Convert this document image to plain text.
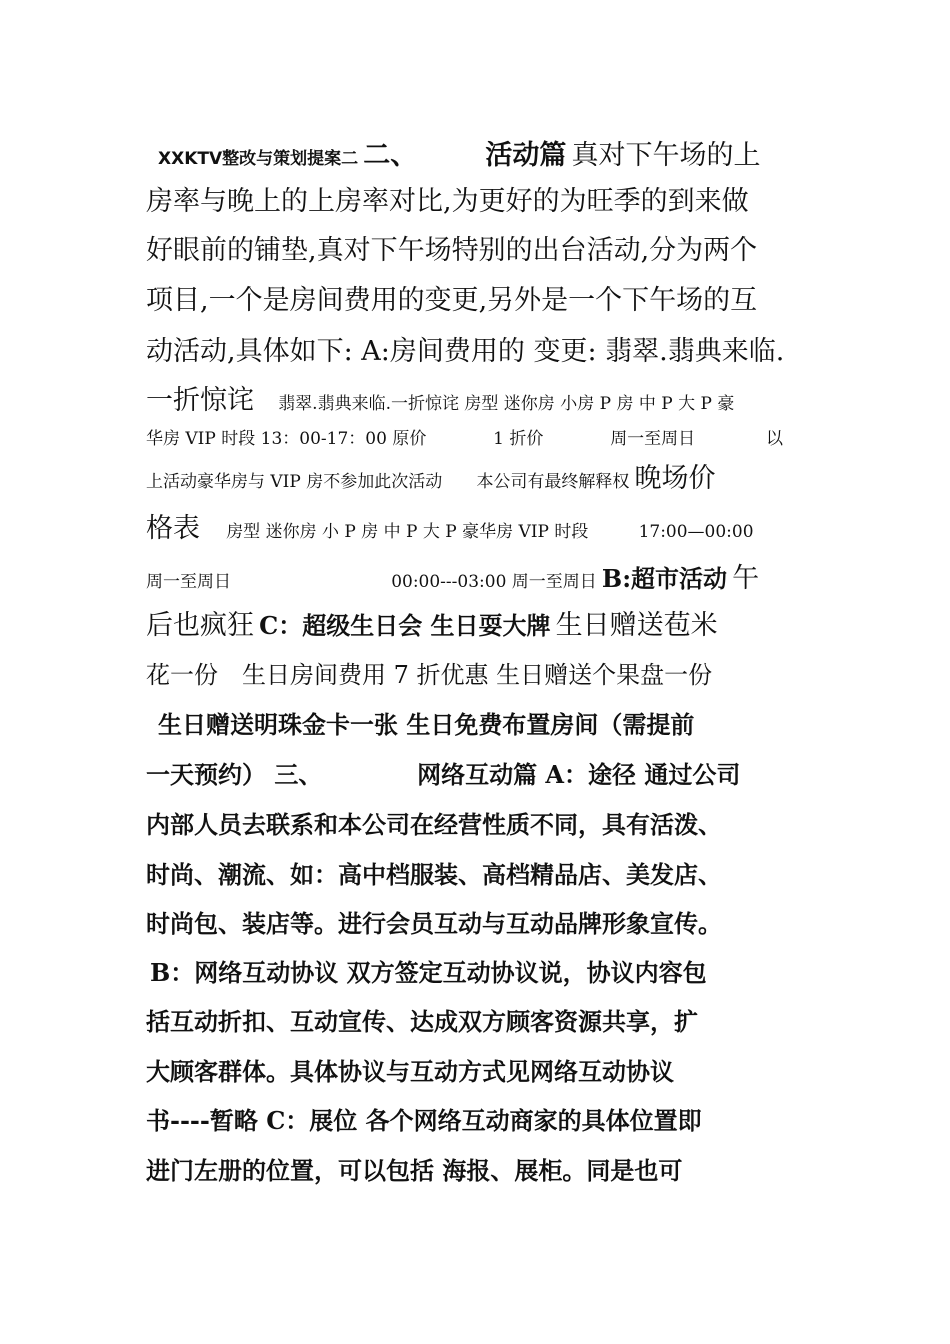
XXKTV整改与策划提案二 二、	活动篇 真对下午场的上
房率与晚上的上房率对比,为更好的为旺季的到来做
好眼前的铺垫,真对下午场特别的出台活动,分为两个
项目,一个是房间费用的变更,另外是一个下午场的互
动活动,具体如下: A:房间费用的 变更: 翡翠.翡典来临.
一折惊诧 翡翠.翡典来临.一折惊诧 房型 迷你房 小房 P 房 中 P 大 P 豪
华房 VIP 时段 13：00-17：00 原价	1 折价	周一至周日	以
上活动豪华房与 VIP 房不参加此次活动 本公司有最终解释权 晚场价
格表 房型 迷你房 小 P 房 中 P 大 P 豪华房 VIP 时段	17:00—00:00
周一至周日	00:00---03:00 周一至周日 B:超市活动 午
后也疯狂 C：超级生日会 生日耍大牌 生日赠送苞米
花一份　生日房间费用 7 折优惠 生日赠送个果盘一份
生日赠送明珠金卡一张 生日免费布置房间（需提前
一天预约） 三、	网络互动篇 A：途径 通过公司
内部人员去联系和本公司在经营性质不同，具有活泼、
时尚、潮流、如：高中档服装、高档精品店、美发店、
时尚包、装店等。进行会员互动与互动品牌形象宣传。
B：网络互动协议 双方签定互动协议说，协议内容包
括互动折扣、互动宣传、达成双方顾客资源共享，扩
大顾客群体。具体协议与互动方式见网络互动协议
书----暂略 C：展位 各个网络互动商家的具体位置即
进门左册的位置，可以包括 海报、展柜。同是也可
